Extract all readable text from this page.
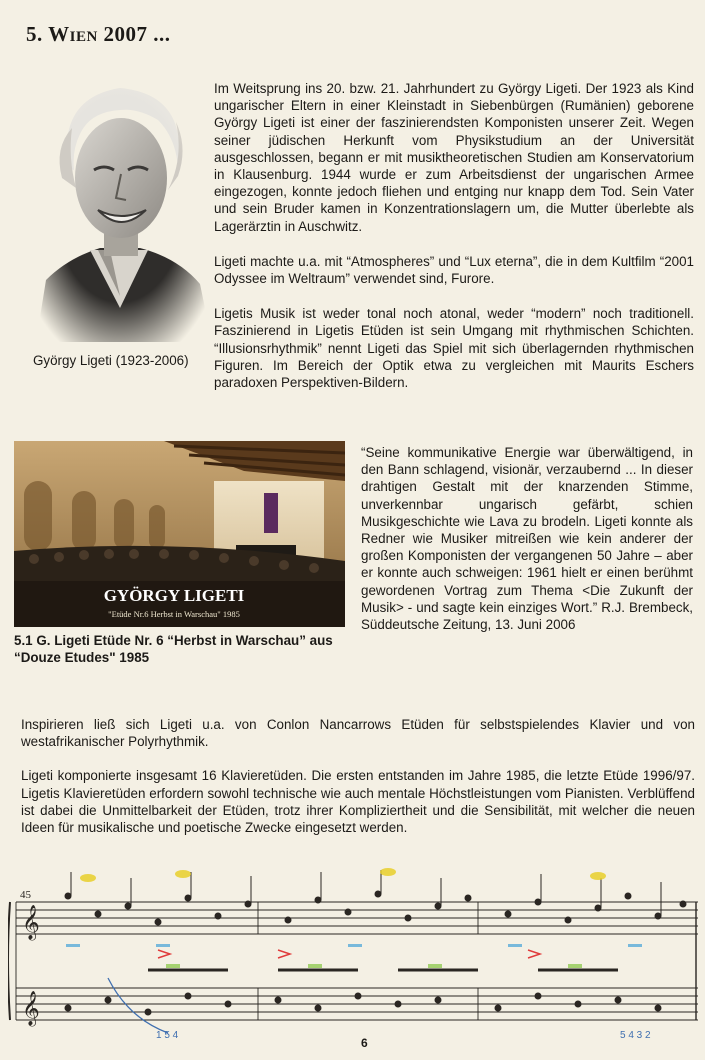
5. Wien 2007 ...
György Ligeti (1923-2006)

Im Weitsprung ins 20. bzw. 21. Jahrhundert zu György Ligeti. Der 1923 als Kind ungarischer Eltern in einer Kleinstadt in Siebenbürgen (Rumänien) geborene György Ligeti ist einer der faszinierendsten Komponisten unserer Zeit. Wegen seiner jüdischen Herkunft vom Physikstudium an der Universität ausgeschlossen, begann er mit musiktheoretischen Studien am Konservatorium in Klausenburg. 1944 wurde er zum Arbeitsdienst der ungarischen Armee eingezogen, konnte jedoch fliehen und entging nur knapp dem Tod. Sein Vater und sein Bruder kamen in Konzentrationslagern um, die Mutter überlebte als Lagerärztin in Auschwitz.

Ligeti machte u.a. mit “Atmospheres” und “Lux eterna”, die in dem Kultfilm “2001 Odyssee im Weltraum” verwendet sind, Furore.

Ligetis Musik ist weder tonal noch atonal, weder “modern” noch traditionell. Faszinierend in Ligetis Etüden ist sein Umgang mit rhythmischen Schichten. “Illusionsrhythmik” nennt Ligeti das Spiel mit sich überlagernden rhythmischen Figuren. Im Bereich der Optik etwa zu vergleichen mit Maurits Eschers paradoxen Perspektiven-Bildern.

GYÖRGY LIGETI
"Etüde Nr.6 Herbst in Warschau" 1985
5.1 G. Ligeti Etüde Nr. 6 “Herbst in Warschau” aus “Douze Etudes" 1985

“Seine kommunikative Energie war überwältigend, in den Bann schlagend, visionär, verzaubernd ... In dieser drahtigen Gestalt mit der knarzenden Stimme, unverkennbar ungarisch gefärbt, schien Musikgeschichte wie Lava zu brodeln. Ligeti konnte als Redner wie Musiker mitreißen wie kein anderer der großen Komponisten der vergangenen 50 Jahre – aber er konnte auch schweigen: 1961 hielt er einen berühmt gewordenen Vortrag zum Thema <Die Zukunft der Musik> - und sagte kein einziges Wort.” R.J. Brembeck, Süddeutsche Zeitung, 13. Juni 2006

Inspirieren ließ sich Ligeti u.a. von Conlon Nancarrows Etüden für selbstspielendes Klavier und von westafrikanischer Polyrhythmik.

Ligeti komponierte insgesamt 16 Klavieretüden. Die ersten entstanden im Jahre 1985, die letzte Etüde 1996/97. Ligetis Klavieretüden erfordern sowohl technische wie auch mentale Höchstleistungen vom Pianisten. Verblüffend ist dabei die Unmittelbarkeit der Etüden, trotz ihrer Kompliziertheit und die Sensibilität, mit welcher die neuen Ideen für musikalische und poetische Zwecke eingesetzt werden.

𝄞
𝄞
45
1 5 4	5 4 3 2
6
